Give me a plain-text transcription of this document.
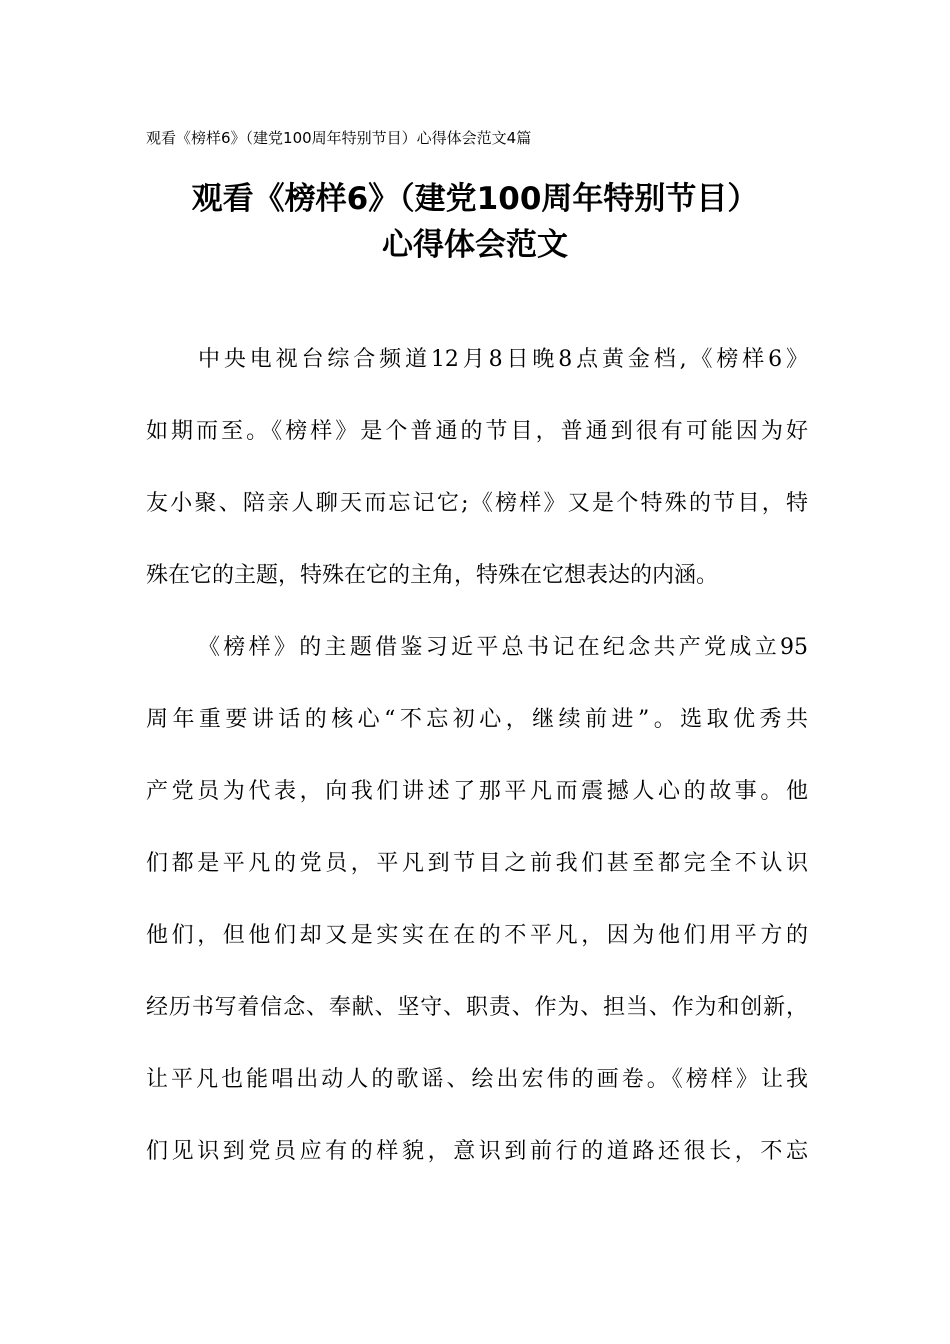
观看《榜样6》（建党100周年特别节目）心得体会范文4篇
观看《榜样6》（建党100周年特别节目）
心得体会范文
中央电视台综合频道12月8日晚8点黄金档,《榜样6》
如期而至。《榜样》是个普通的节目，普通到很有可能因为好
友小聚、陪亲人聊天而忘记它;《榜样》又是个特殊的节目，特
殊在它的主题，特殊在它的主角，特殊在它想表达的内涵。
《榜样》的主题借鉴习近平总书记在纪念共产党成立95
周年重要讲话的核心“不忘初心，继续前进”。选取优秀共
产党员为代表，向我们讲述了那平凡而震撼人心的故事。他
们都是平凡的党员，平凡到节目之前我们甚至都完全不认识
他们，但他们却又是实实在在的不平凡，因为他们用平方的
经历书写着信念、奉献、坚守、职责、作为、担当、作为和创新，
让平凡也能唱出动人的歌谣、绘出宏伟的画卷。《榜样》让我
们见识到党员应有的样貌，意识到前行的道路还很长，不忘
